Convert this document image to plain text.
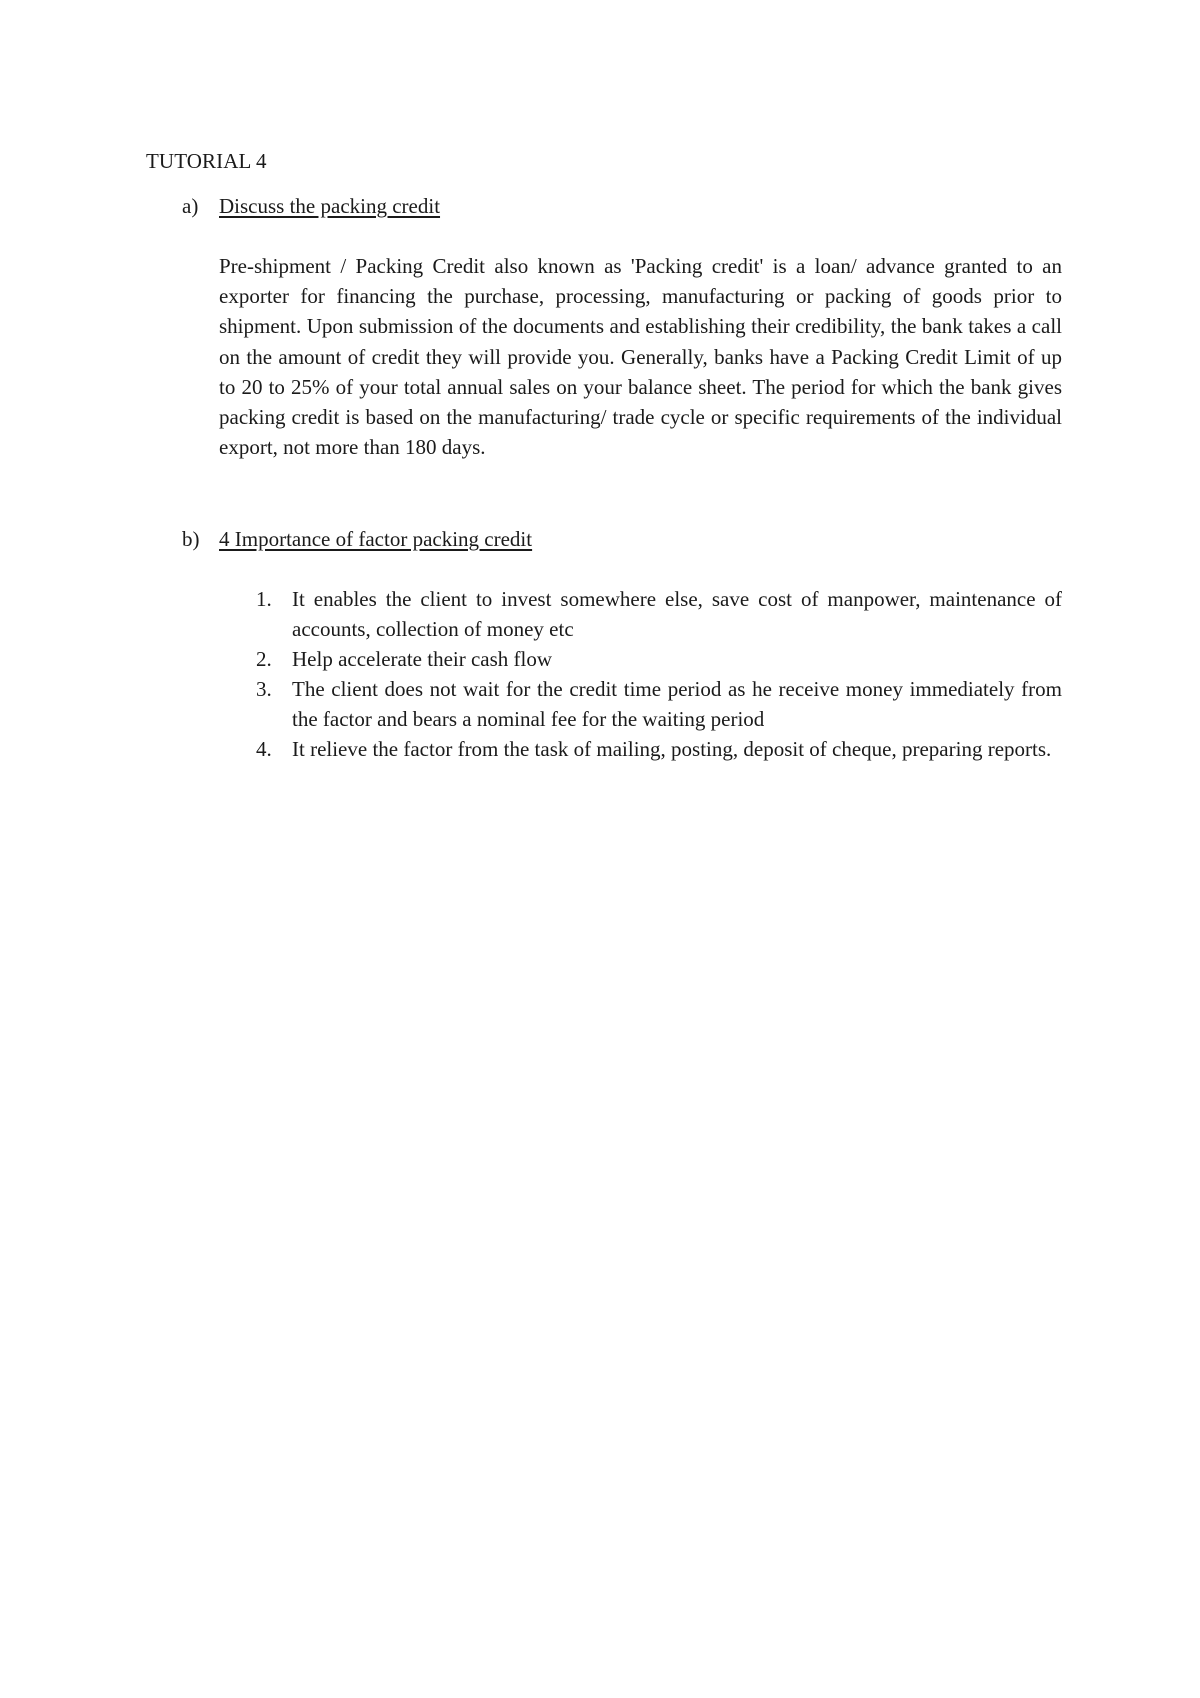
TUTORIAL 4
a) Discuss the packing credit
Pre-shipment / Packing Credit also known as 'Packing credit' is a loan/ advance granted to an exporter for financing the purchase, processing, manufacturing or packing of goods prior to shipment. Upon submission of the documents and establishing their credibility, the bank takes a call on the amount of credit they will provide you. Generally, banks have a Packing Credit Limit of up to 20 to 25% of your total annual sales on your balance sheet. The period for which the bank gives packing credit is based on the manufacturing/ trade cycle or specific requirements of the individual export, not more than 180 days.
b) 4 Importance of factor packing credit
1. It enables the client to invest somewhere else, save cost of manpower, maintenance of accounts, collection of money etc
2. Help accelerate their cash flow
3. The client does not wait for the credit time period as he receive money immediately from the factor and bears a nominal fee for the waiting period
4. It relieve the factor from the task of mailing, posting, deposit of cheque, preparing reports.
